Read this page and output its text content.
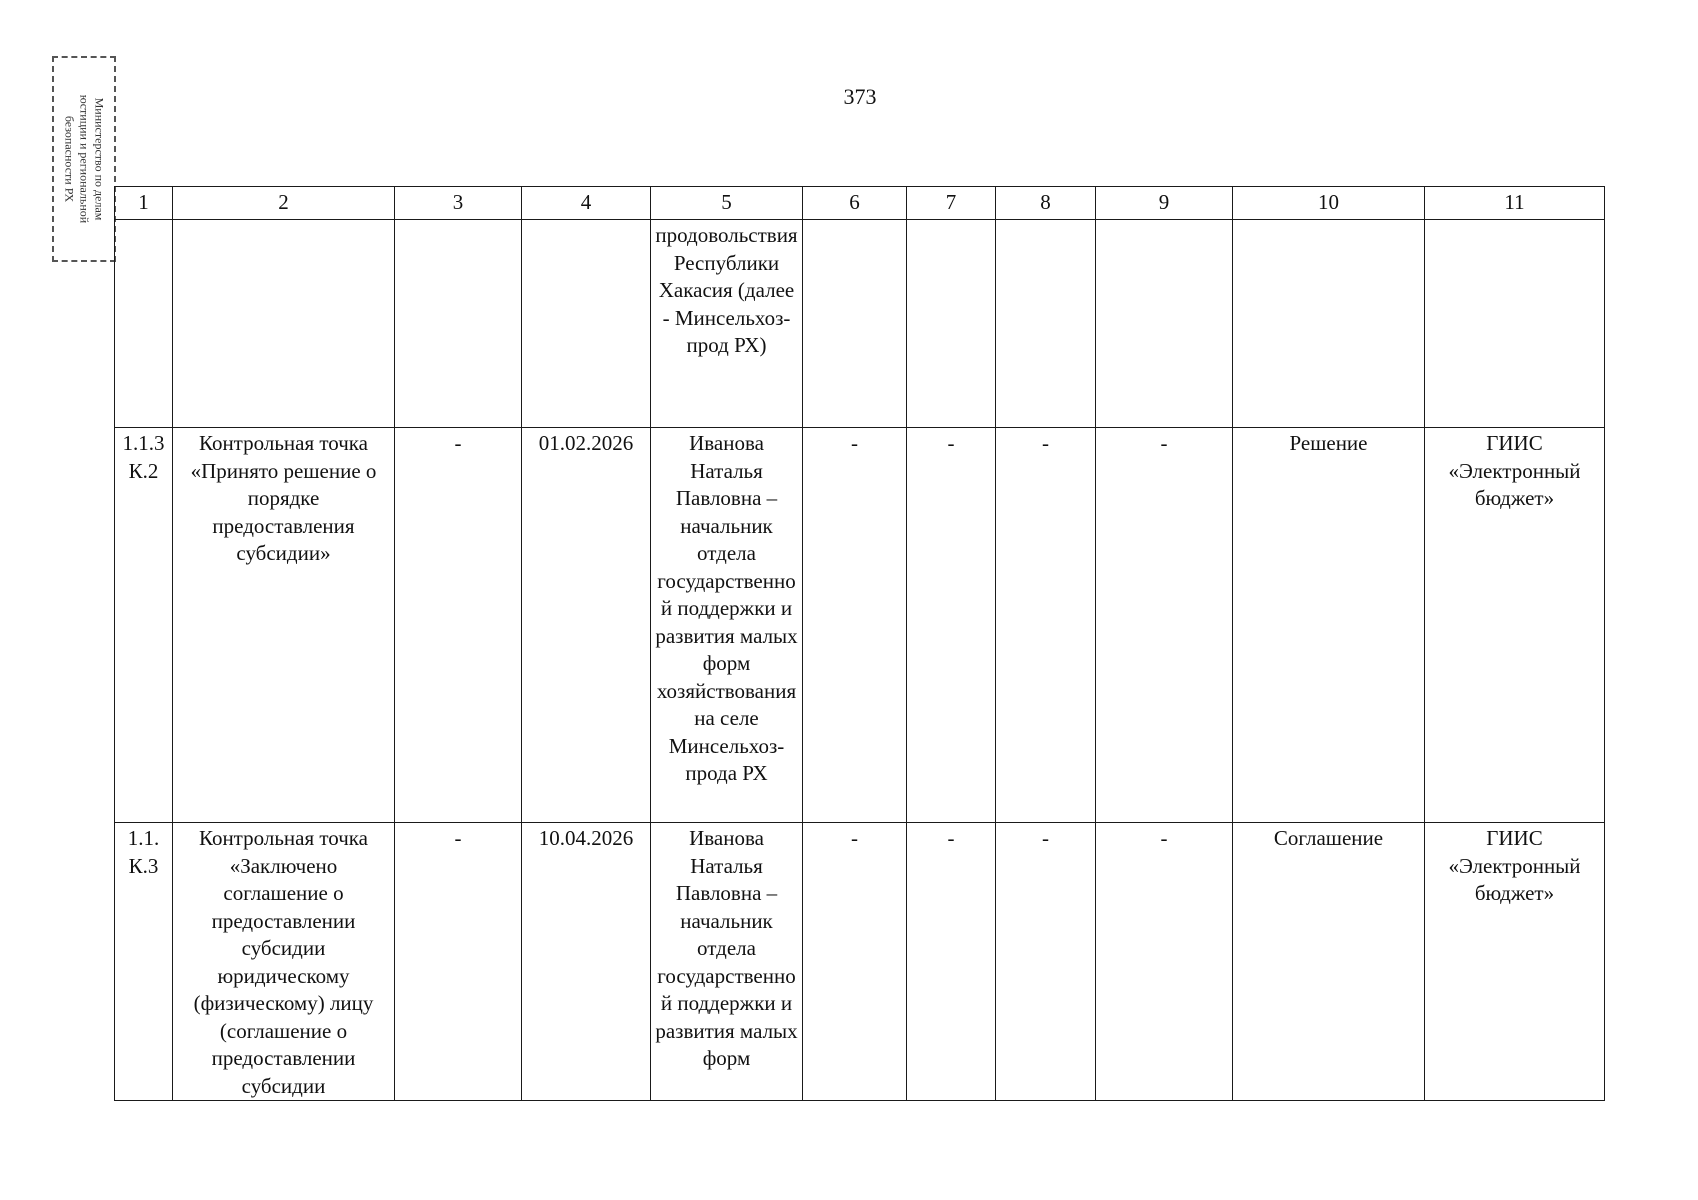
373
Министерство по делам
юстиции и региональной
безопасности РХ
1	2	3	4	5	6	7	8	9	10	11
				продовольствия Республики Хакасия (далее - Минсельхоз-прод РХ)						
1.1.3 К.2	Контрольная точка «Принято решение о порядке предоставления субсидии»	-	01.02.2026	Иванова Наталья Павловна – начальник отдела государственной поддержки и развития малых форм хозяйствования на селе Минсельхоз-прода РХ	-	-	-	-	Решение	ГИИС «Электронный бюджет»
1.1. К.3	Контрольная точка «Заключено соглашение о предоставлении субсидии юридическому (физическому) лицу (соглашение о предоставлении субсидии	-	10.04.2026	Иванова Наталья Павловна – начальник отдела государственной поддержки и развития малых форм	-	-	-	-	Соглашение	ГИИС «Электронный бюджет»
